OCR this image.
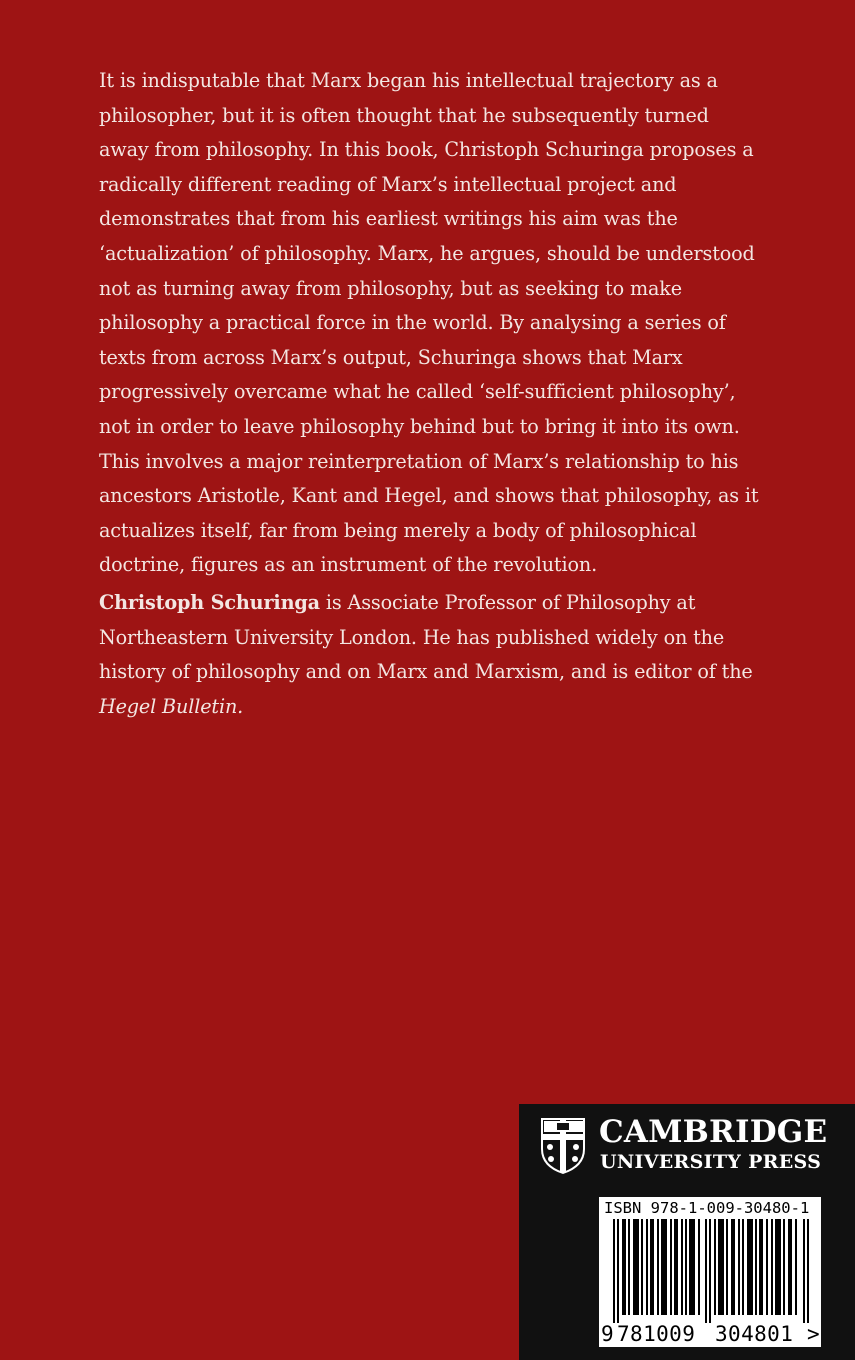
It is indisputable that Marx began his intellectual trajectory as a philosopher, but it is often thought that he subsequently turned away from philosophy. In this book, Christoph Schuringa proposes a radically different reading of Marx’s intellectual project and demonstrates that from his earliest writings his aim was the ‘actualization’ of philosophy. Marx, he argues, should be understood not as turning away from philosophy, but as seeking to make philosophy a practical force in the world. By analysing a series of texts from across Marx’s output, Schuringa shows that Marx progressively overcame what he called ‘self-sufficient philosophy’, not in order to leave philosophy behind but to bring it into its own. This involves a major reinterpretation of Marx’s relationship to his ancestors Aristotle, Kant and Hegel, and shows that philosophy, as it actualizes itself, far from being merely a body of philosophical doctrine, figures as an instrument of the revolution.

Christoph Schuringa is Associate Professor of Philosophy at Northeastern University London. He has published widely on the history of philosophy and on Marx and Marxism, and is editor of the Hegel Bulletin.

CAMBRIDGE
UNIVERSITY PRESS
ISBN 978-1-009-30480-1
9 781009 304801 >
